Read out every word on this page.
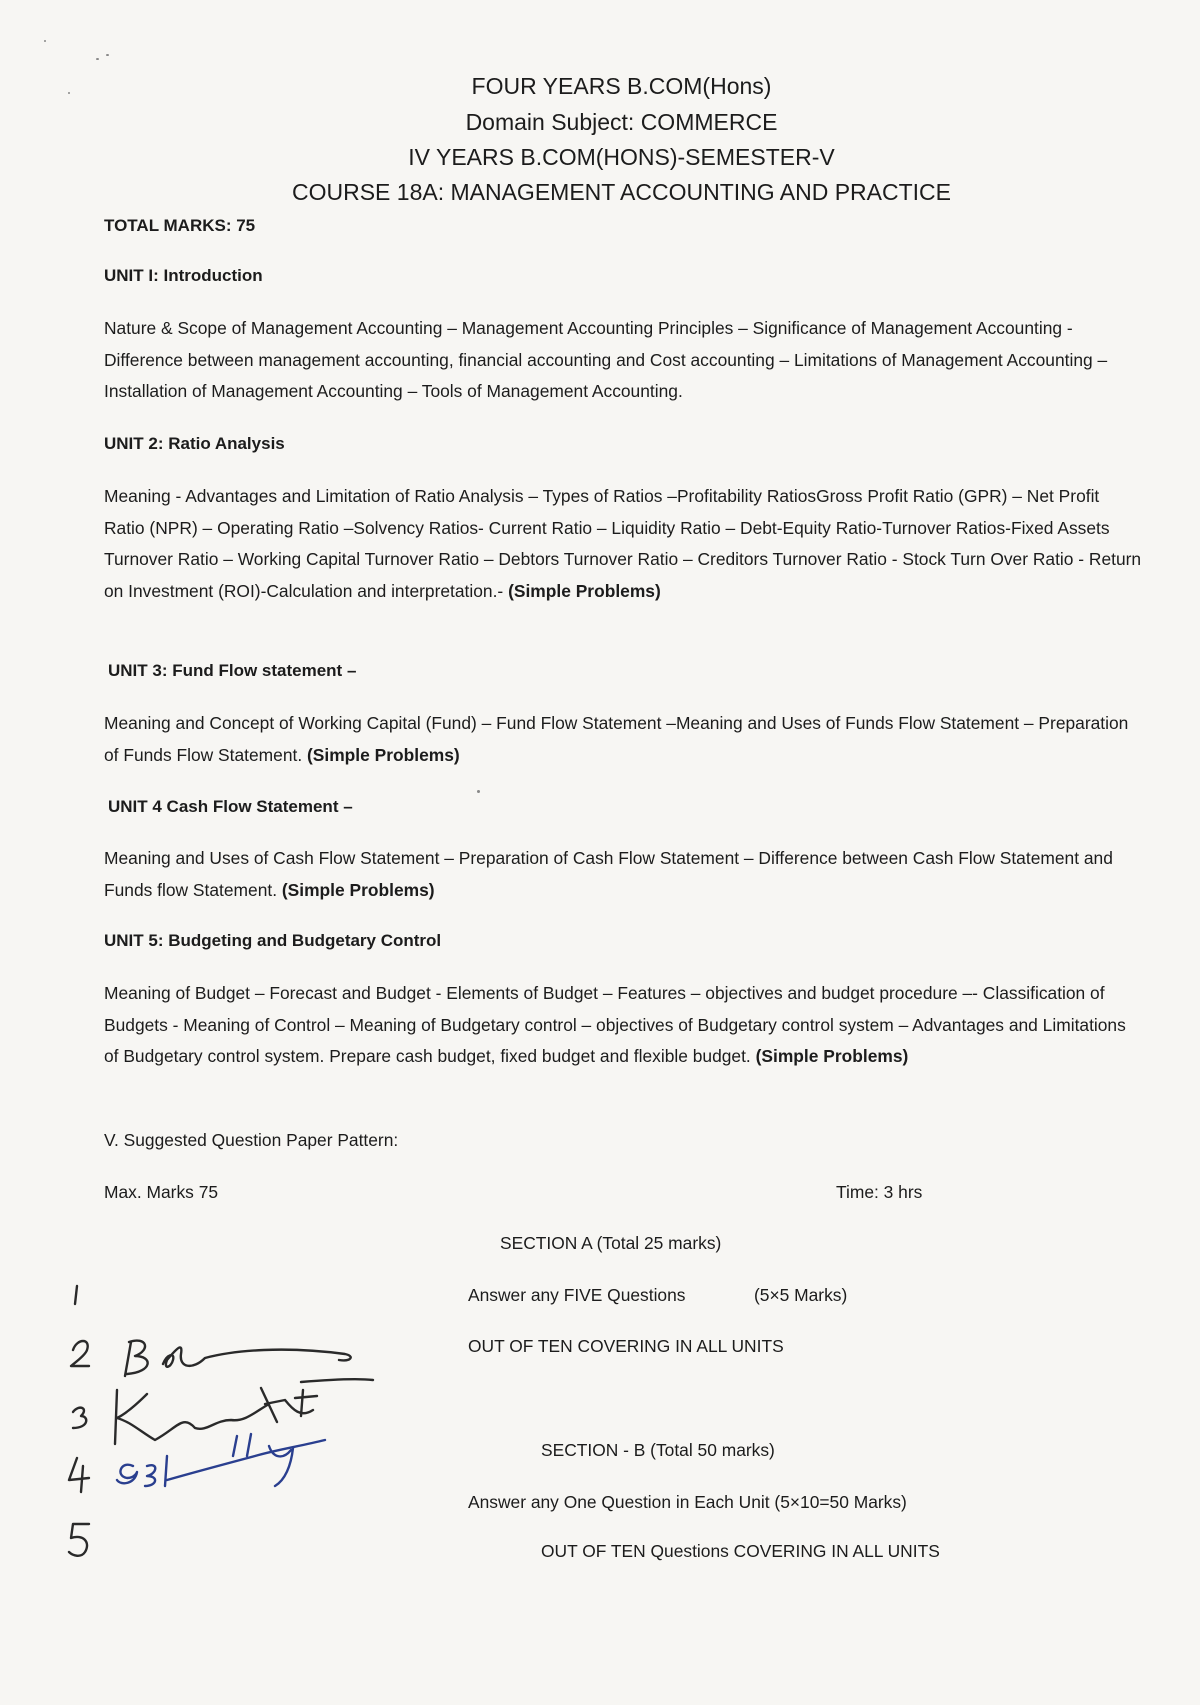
FOUR YEARS B.COM(Hons)
Domain Subject: COMMERCE
IV YEARS B.COM(HONS)-SEMESTER-V
COURSE 18A: MANAGEMENT ACCOUNTING AND PRACTICE
TOTAL MARKS: 75
UNIT I: Introduction
Nature & Scope of Management Accounting – Management Accounting Principles – Significance of Management Accounting - Difference between management accounting, financial accounting and Cost accounting – Limitations of Management Accounting – Installation of Management Accounting – Tools of Management Accounting.
UNIT 2: Ratio Analysis
Meaning - Advantages and Limitation of Ratio Analysis – Types of Ratios –Profitability RatiosGross Profit Ratio (GPR) – Net Profit Ratio (NPR) – Operating Ratio –Solvency Ratios- Current Ratio – Liquidity Ratio – Debt-Equity Ratio-Turnover Ratios-Fixed Assets Turnover Ratio – Working Capital Turnover Ratio – Debtors Turnover Ratio – Creditors Turnover Ratio - Stock Turn Over Ratio - Return on Investment (ROI)-Calculation and interpretation.- (Simple Problems)
UNIT 3: Fund Flow statement –
Meaning and Concept of Working Capital (Fund) – Fund Flow Statement –Meaning and Uses of Funds Flow Statement – Preparation of Funds Flow Statement. (Simple Problems)
UNIT 4 Cash Flow Statement –
Meaning and Uses of Cash Flow Statement – Preparation of Cash Flow Statement – Difference between Cash Flow Statement and Funds flow Statement. (Simple Problems)
UNIT 5: Budgeting and Budgetary Control
Meaning of Budget – Forecast and Budget - Elements of Budget – Features – objectives and budget procedure –- Classification of Budgets - Meaning of Control – Meaning of Budgetary control – objectives of Budgetary control system – Advantages and Limitations of Budgetary control system. Prepare cash budget, fixed budget and flexible budget. (Simple Problems)
V. Suggested Question Paper Pattern:
Max. Marks 75	Time: 3 hrs
SECTION A (Total 25 marks)
Answer any FIVE Questions	(5×5 Marks)
OUT OF TEN COVERING IN ALL UNITS
SECTION - B (Total 50 marks)
Answer any One Question in Each Unit (5×10=50 Marks)
OUT OF TEN Questions COVERING IN ALL UNITS
